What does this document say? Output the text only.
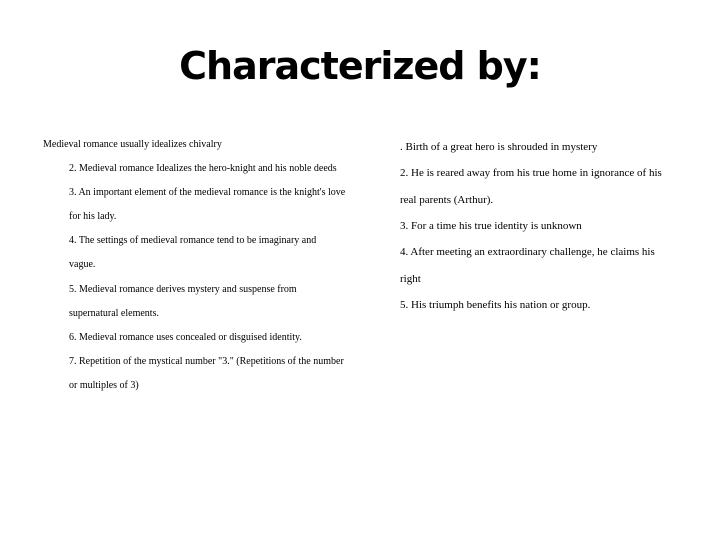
Characterized by:
Medieval romance usually idealizes chivalry
2. Medieval romance Idealizes the hero-knight and his noble deeds
3. An important element of the medieval romance is the knight's love
for his lady.
4. The settings of medieval romance tend to be imaginary and
vague.
5. Medieval romance derives mystery and suspense from
supernatural elements.
6. Medieval romance uses concealed or disguised identity.
7. Repetition of the mystical number "3." (Repetitions of the number
or multiples of 3)
. Birth of a great hero is shrouded in mystery
2. He is reared away from his true home in ignorance of his
real parents (Arthur).
3. For a time his true identity is unknown
4. After meeting an extraordinary challenge, he claims his
right
5. His triumph benefits his nation or group.
